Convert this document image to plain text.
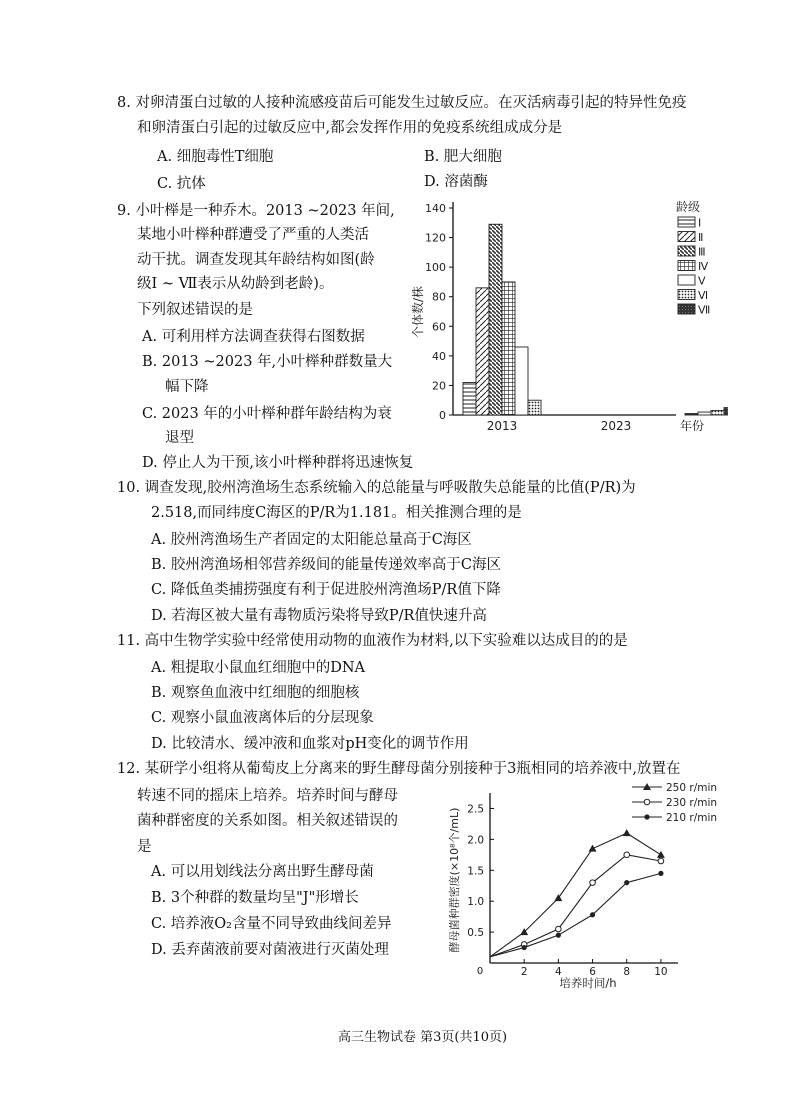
8. 对卵清蛋白过敏的人接种流感疫苗后可能发生过敏反应。在灭活病毒引起的特异性免疫
和卵清蛋白引起的过敏反应中,都会发挥作用的免疫系统组成成分是
A. 细胞毒性T细胞	B. 肥大细胞
C. 抗体	D. 溶菌酶
9. 小叶榉是一种乔木。2013 ~2023 年间,
某地小叶榉种群遭受了严重的人类活
动干扰。调查发现其年龄结构如图(龄
级Ⅰ ~ Ⅶ表示从幼龄到老龄)。
下列叙述错误的是
A. 可利用样方法调查获得右图数据
B. 2013 ~2023 年,小叶榉种群数量大
幅下降
C. 2023 年的小叶榉种群年龄结构为衰
退型
D. 停止人为干预,该小叶榉种群将迅速恢复
个体数/株
0
20
40
60
80
100
120
140
2013	2023	年份
龄级
Ⅰ
Ⅱ
Ⅲ
Ⅳ
Ⅴ
Ⅵ
Ⅶ
10. 调查发现,胶州湾渔场生态系统输入的总能量与呼吸散失总能量的比值(P/R)为
2.518,而同纬度C海区的P/R为1.181。相关推测合理的是
A. 胶州湾渔场生产者固定的太阳能总量高于C海区
B. 胶州湾渔场相邻营养级间的能量传递效率高于C海区
C. 降低鱼类捕捞强度有利于促进胶州湾渔场P/R值下降
D. 若海区被大量有毒物质污染将导致P/R值快速升高
11. 高中生物学实验中经常使用动物的血液作为材料,以下实验难以达成目的的是
A. 粗提取小鼠血红细胞中的DNA
B. 观察鱼血液中红细胞的细胞核
C. 观察小鼠血液离体后的分层现象
D. 比较清水、缓冲液和血浆对pH变化的调节作用
12. 某研学小组将从葡萄皮上分离来的野生酵母菌分别接种于3瓶相同的培养液中,放置在
转速不同的摇床上培养。培养时间与酵母
菌种群密度的关系如图。相关叙述错误的
是
A. 可以用划线法分离出野生酵母菌
B. 3个种群的数量均呈"J"形增长
C. 培养液O₂含量不同导致曲线间差异
D. 丢弃菌液前要对菌液进行灭菌处理	酵母菌种群密度(×10⁸个/mL)
0
0.5
1.0
1.5
2.0
2.5
2	4	6	8 10
培养时间/h
250 r/min
230 r/min
210 r/min
高三生物试卷 第3页(共10页)
